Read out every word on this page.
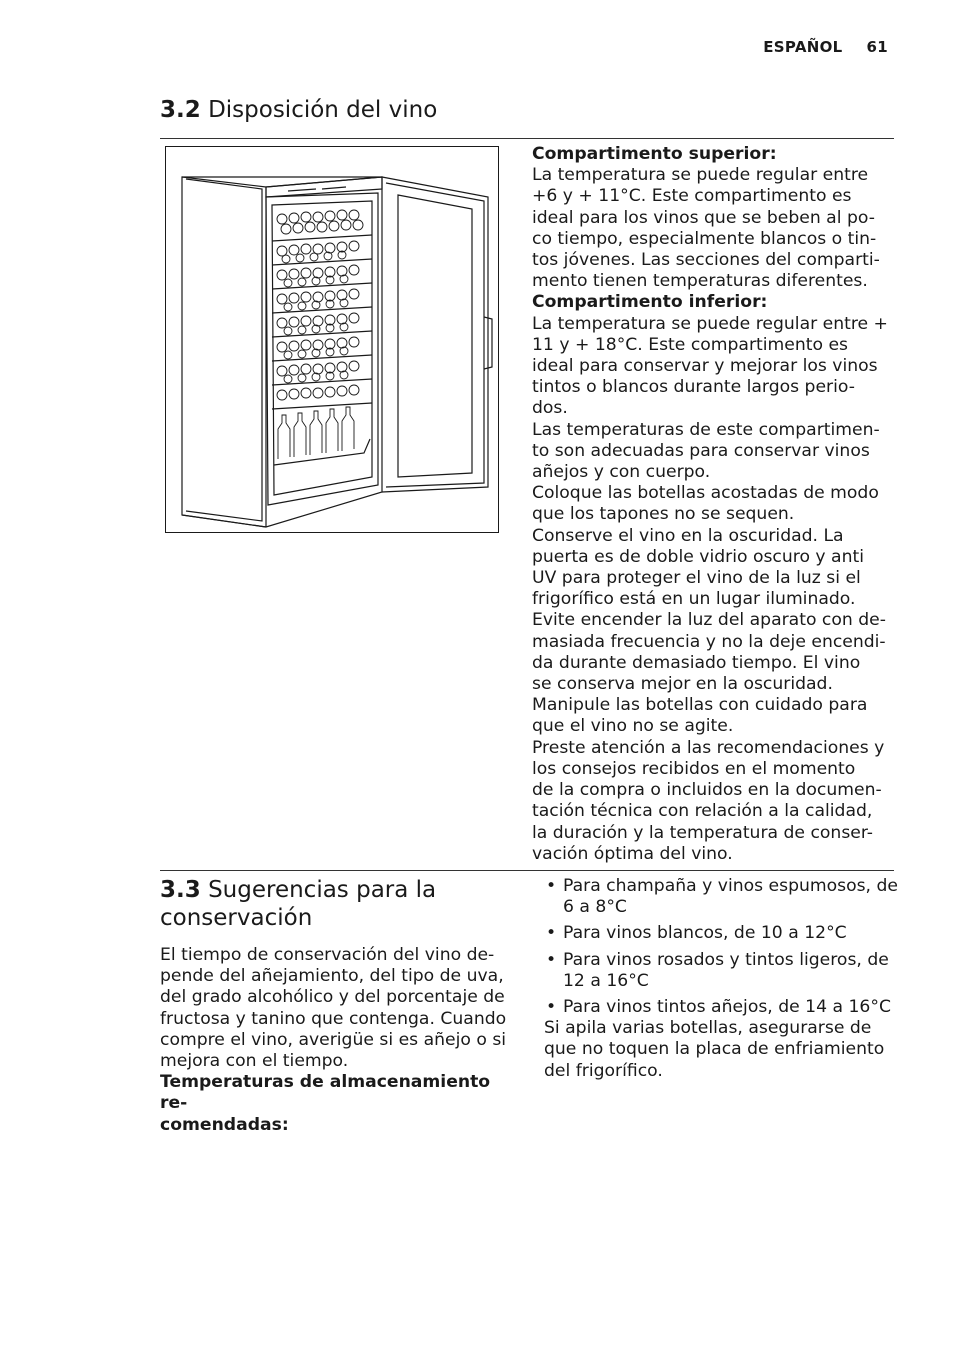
ESPAÑOL 61
3.2 Disposición del vino

Compartimento superior:

La temperatura se puede regular entre

+6 y + 11°C. Este compartimento es

ideal para los vinos que se beben al po-

co tiempo, especialmente blancos o tin-

tos jóvenes. Las secciones del comparti-

mento tienen temperaturas diferentes.

Compartimento inferior:

La temperatura se puede regular entre +

11 y + 18°C. Este compartimento es

ideal para conservar y mejorar los vinos

tintos o blancos durante largos perio-

dos.

Las temperaturas de este compartimen-

to son adecuadas para conservar vinos

añejos y con cuerpo.

Coloque las botellas acostadas de modo

que los tapones no se sequen.

Conserve el vino en la oscuridad. La

puerta es de doble vidrio oscuro y anti

UV para proteger el vino de la luz si el

frigorífico está en un lugar iluminado.

Evite encender la luz del aparato con de-

masiada frecuencia y no la deje encendi-

da durante demasiado tiempo. El vino

se conserva mejor en la oscuridad.

Manipule las botellas con cuidado para

que el vino no se agite.

Preste atención a las recomendaciones y

los consejos recibidos en el momento

de la compra o incluidos en la documen-

tación técnica con relación a la calidad,

la duración y la temperatura de conser-

vación óptima del vino.

3.3 Sugerencias para la
conservación

El tiempo de conservación del vino de-

pende del añejamiento, del tipo de uva,

del grado alcohólico y del porcentaje de

fructosa y tanino que contenga. Cuando

compre el vino, averigüe si es añejo o si

mejora con el tiempo.

Temperaturas de almacenamiento re-

comendadas:

• Para champaña y vinos espumosos, de
6 a 8°C
• Para vinos blancos, de 10 a 12°C
• Para vinos rosados y tintos ligeros, de
12 a 16°C
• Para vinos tintos añejos, de 14 a 16°C

Si apila varias botellas, asegurarse de

que no toquen la placa de enfriamiento

del frigorífico.
